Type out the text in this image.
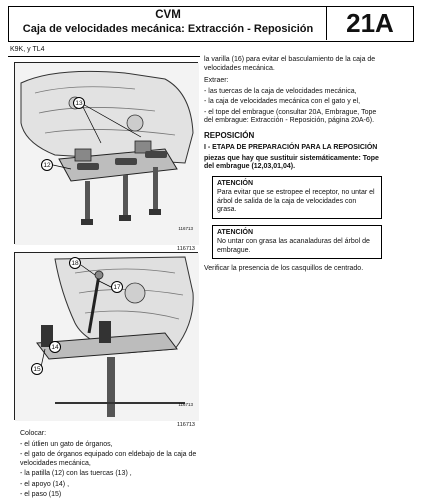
CVM
Caja de velocidades mecánica: Extracción - Reposición	21A
K9K, y TL4
13
12
116713
116713
18
17
15
14
116713
116713
Colocar:
- el útlien un gato de órganos,
- el gato de órganos equipado con eldebajo de la caja de velocidades mecánica,
- la patilla (12) con las tuercas (13) ,
- el apoyo (14) ,
- el paso (15)
la varilla (16) para evitar el basculamiento de la caja de velocidades mecánica.
Extraer:
- las tuercas de la caja de velocidades mecánica,
- la caja de velocidades mecánica con el gato y el,
- el tope del embrague (consultar 20A, Embrague, Tope del embrague: Extracción - Reposición, página 20A-6).
REPOSICIÓN
I - ETAPA DE PREPARACIÓN PARA LA REPOSICIÓN
piezas que hay que sustituir sistemáticamente: Tope del embrague (12,03,01,04).
ATENCIÓN
Para evitar que se estropee el receptor, no untar el árbol de salida de la caja de velocidades con grasa.
ATENCIÓN
No untar con grasa las acanaladuras del árbol de embrague.
Verificar la presencia de los casquillos de centrado.
